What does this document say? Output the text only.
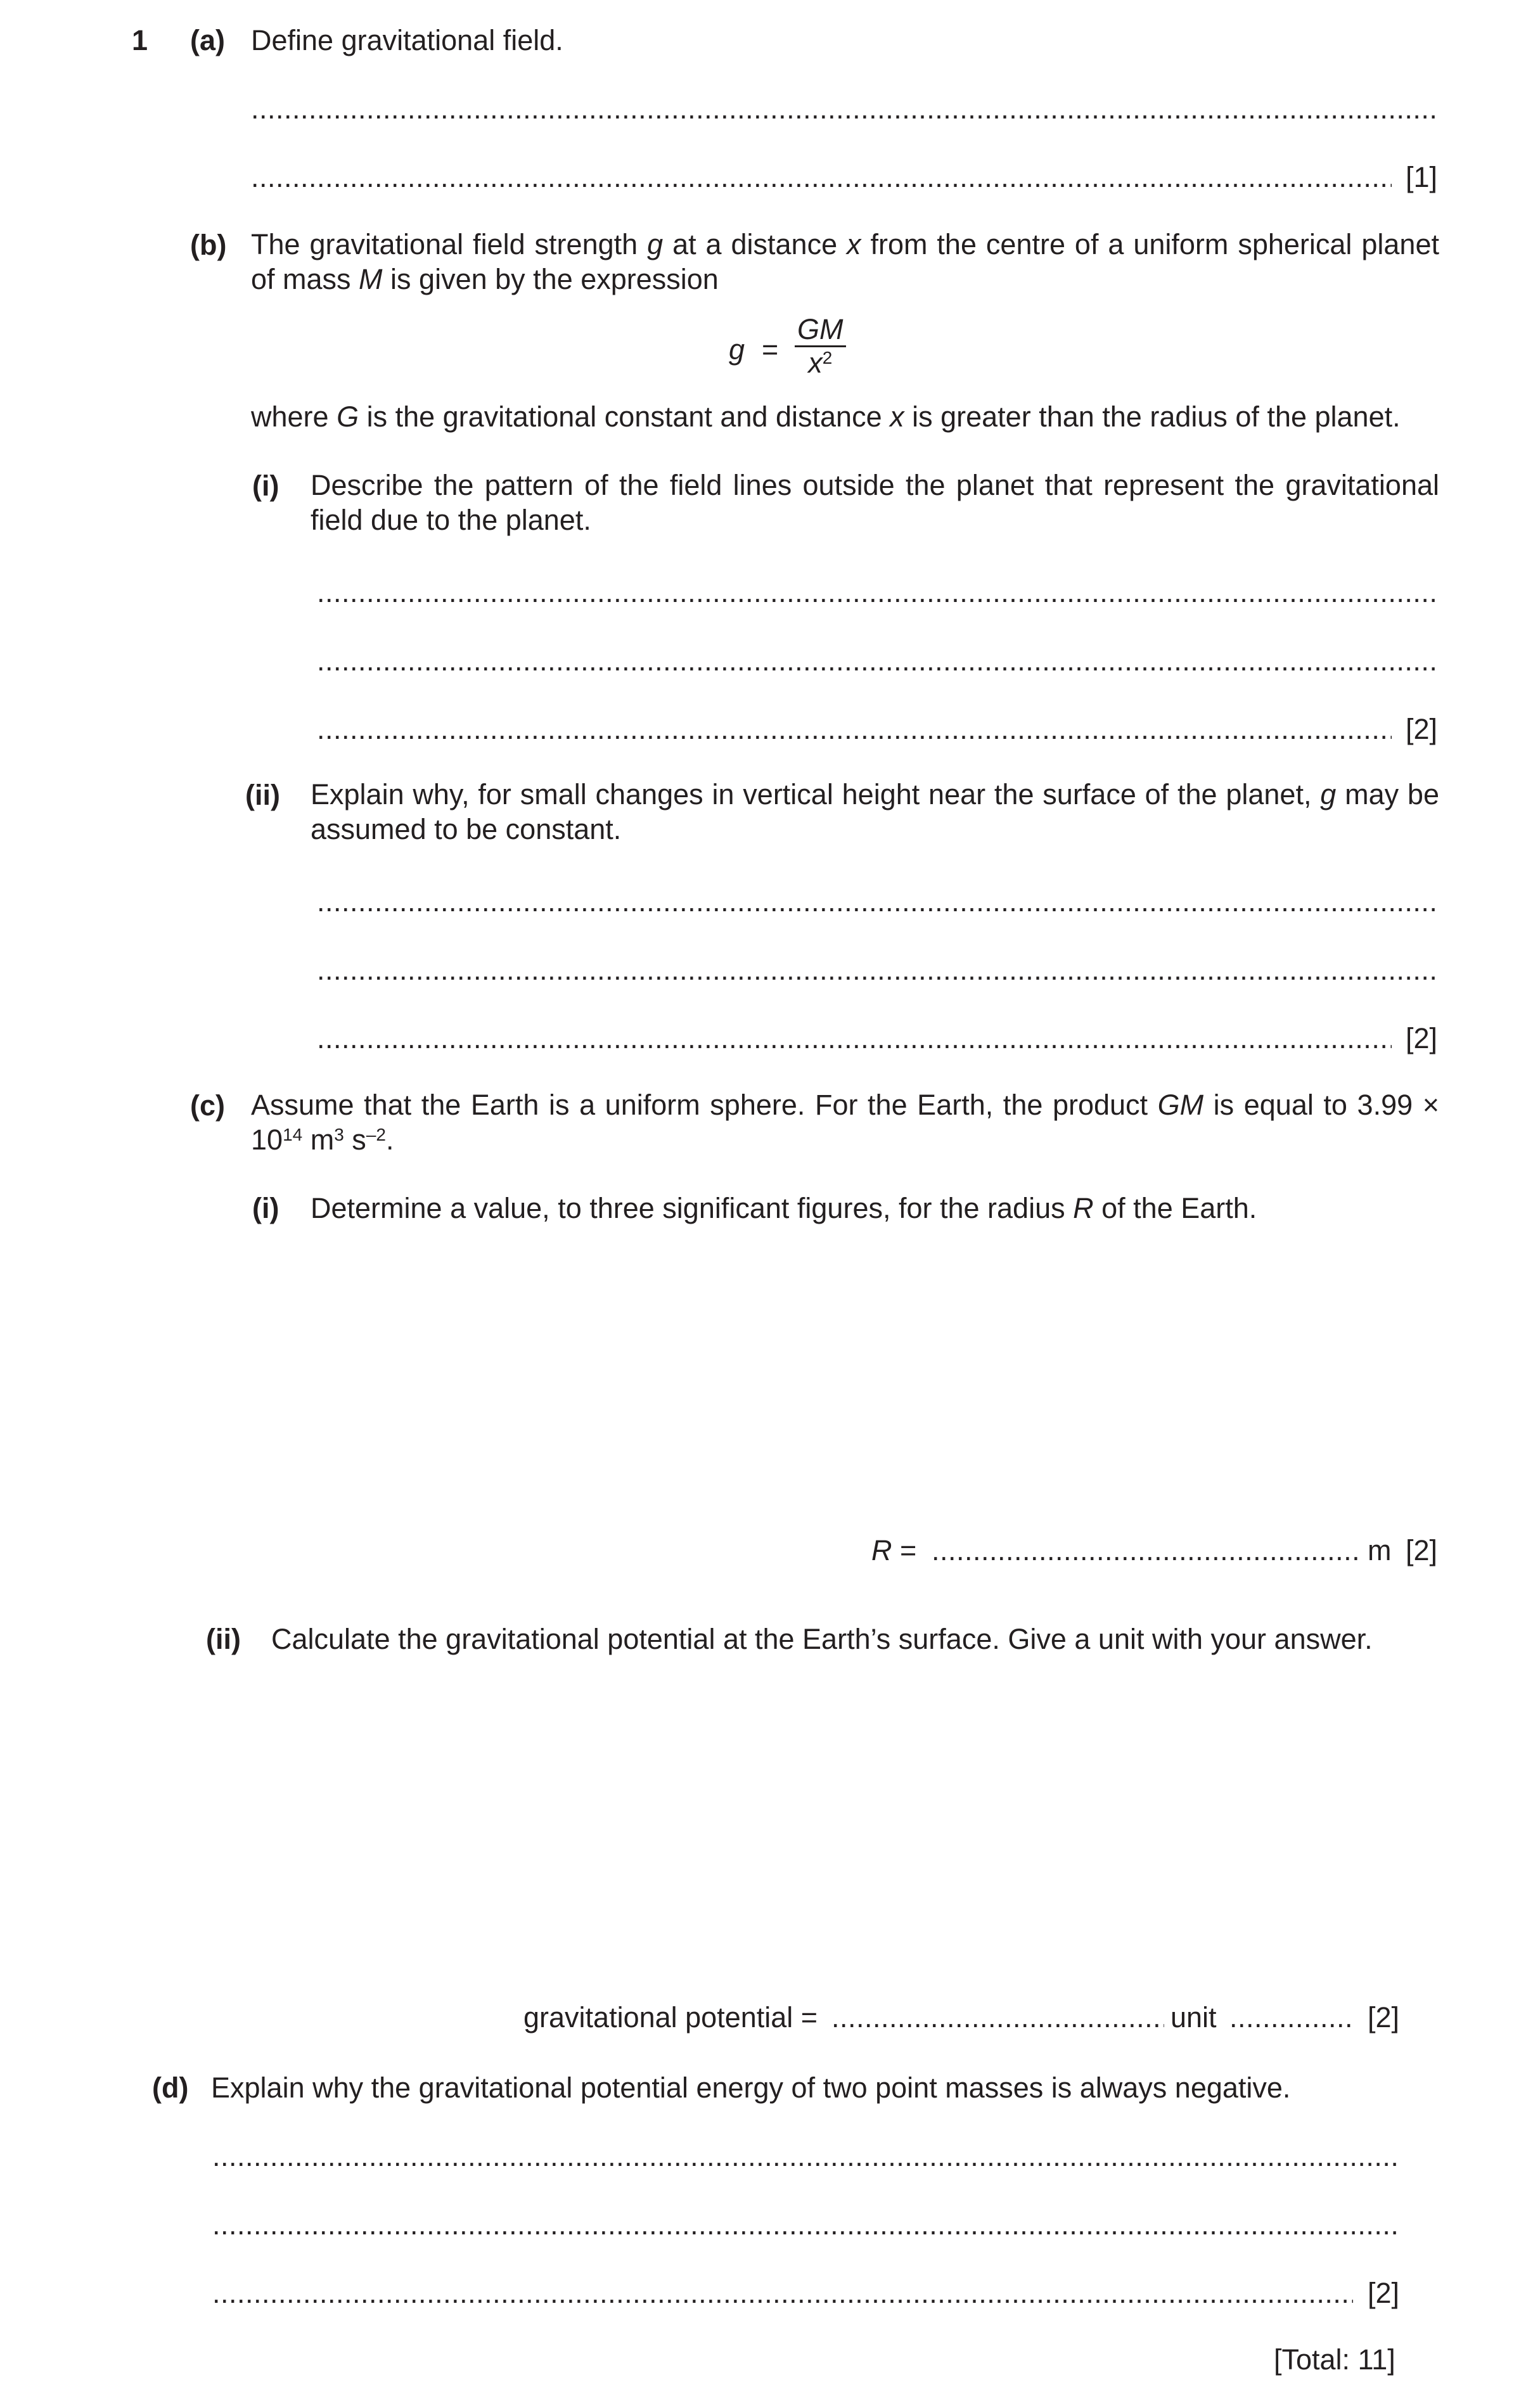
1 (a) Define gravitational field.
.....
.....
[1]
(b) The gravitational field strength g at a distance x from the centre of a uniform spherical planet of mass M is given by the expression
$g = \frac{GM}{x^2}$
where G is the gravitational constant and distance x is greater than the radius of the planet.
(i) Describe the pattern of the field lines outside the planet that represent the gravitational field due to the planet.
.....
.....
.....
[2]
(ii) Explain why, for small changes in vertical height near the surface of the planet, g may be assumed to be constant.
.....
.....
.....
[2]
(c) Assume that the Earth is a uniform sphere. For the Earth, the product GM is equal to $3.99 \times 10^{14}$ $m^3$ $s^{-2}$.
(i) Determine a value, to three significant figures, for the radius R of the Earth.
R = .....	m [2]
(ii) Calculate the gravitational potential at the Earth’s surface. Give a unit with your answer.
gravitational potential = .....	unit .....	[2]
(d) Explain why the gravitational potential energy of two point masses is always negative.
.....
.....
.....
[2]
[Total: 11]
